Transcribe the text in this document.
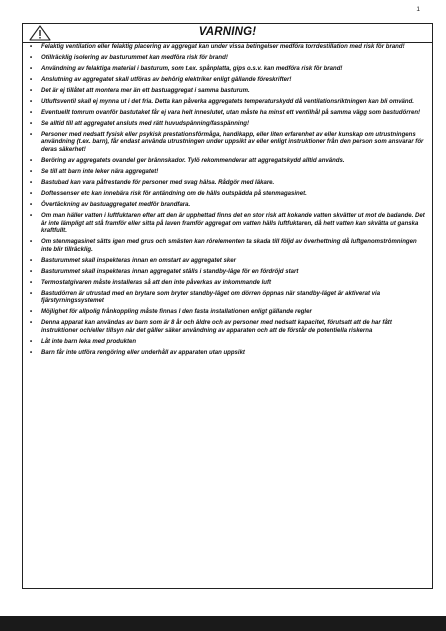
1
VARNING!
• Felaktig ventilation eller felaktig placering av aggregat kan under vissa betingelser medföra torrdestillation med risk för brand!
• Otillräcklig isolering av basturummet kan medföra risk för brand!
• Användning av felaktiga material i basturum, som t.ex. spånplatta, gips o.s.v. kan medföra risk för brand!
• Anslutning av aggregatet skall utföras av behörig elektriker enligt gällande föreskrifter!
• Det är ej tillåtet att montera mer än ett bastuaggregat i samma basturum.
• Utluftsventil skall ej mynna ut i det fria. Detta kan påverka aggregatets temperaturskydd då ventilationsriktningen kan bli omvänd.
• Eventuellt tomrum ovanför bastutaket får ej vara helt inneslutet, utan måste ha minst ett ventilhål på samma vägg som bastudörren!
• Se alltid till att aggregatet ansluts med rätt huvudspänning/fasspänning!
• Personer med nedsatt fysisk eller psykisk prestationsförmåga, handikapp, eller liten erfarenhet av eller kunskap om utrustningens användning (t.ex. barn), får endast använda utrustningen under uppsikt av eller enligt instruktioner från den person som ansvarar för deras säkerhet!
• Beröring av aggregatets ovandel ger brännskador. Tylö rekommenderar att aggregatskydd alltid används.
• Se till att barn inte leker nära aggregatet!
• Bastubad kan vara påfrestande för personer med svag hälsa. Rådgör med läkare.
• Doftessenser etc kan innebära risk för antändning om de hälls outspädda på stenmagasinet.
• Övertäckning av bastuaggregatet medför brandfara.
• Om man häller vatten i luftfuktaren efter att den är upphettad finns det en stor risk att kokande vatten skvätter ut mot de badande. Det är inte lämpligt att stå framför eller sitta på laven framför aggregat om vatten hälls luftfuktaren, då hett vatten kan skvätta ut ganska kraftfullt.
• Om stenmagasinet sätts igen med grus och smästen kan rörelementen ta skada till följd av överhettning då luftgenomströmningen inte blir tillräcklig.
• Basturummet skall inspekteras innan en omstart av aggregatet sker
• Basturummet skall inspekteras innan aggregatet ställs i standby-läge för en fördröjd start
• Termostatgivaren måste installeras så att den inte påverkas av inkommande luft
• Bastudörren är utrustad med en brytare som bryter standby-läget om dörren öppnas när standby-läget är aktiverat via fjärstyrningssystemet
• Möjlighet för allpolig frånkoppling måste finnas I den fasta installationen enligt gällande regler
• Denna apparat kan användas av barn som är 8 år och äldre och av personer med nedsatt kapacitet, förutsatt att de har fått instruktioner och/eller tillsyn när det gäller säker användning av apparaten och att de förstår de potentiella riskerna
• Låt inte barn leka med produkten
• Barn får inte utföra rengöring eller underhåll av apparaten utan uppsikt
